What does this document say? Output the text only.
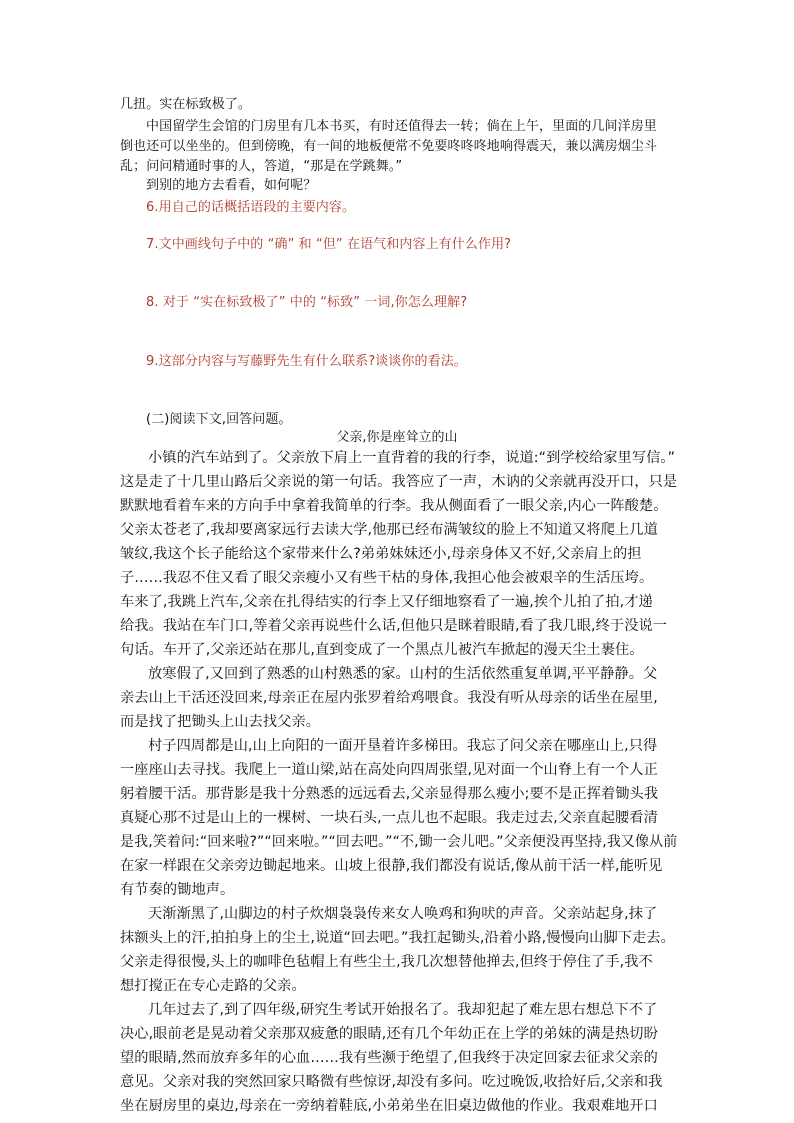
几扭。实在标致极了。
中国留学生会馆的门房里有几本书买，有时还值得去一转；倘在上午，里面的几间洋房里
倒也还可以坐坐的。但到傍晚，有一间的地板便常不免要咚咚咚地响得震天，兼以满房烟尘斗
乱；问问精通时事的人，答道，“那是在学跳舞。”
到别的地方去看看，如何呢？
6.用自己的话概括语段的主要内容。
7.文中画线句子中的 “确” 和 “但” 在语气和内容上有什么作用?
8. 对于 “实在标致极了” 中的 “标致” 一词,你怎么理解?
9.这部分内容与写藤野先生有什么联系?谈谈你的看法。
(二)阅读下文,回答问题。
父亲,你是座耸立的山
小镇的汽车站到了。父亲放下肩上一直背着的我的行李，说道:“到学校给家里写信。”
这是走了十几里山路后父亲说的第一句话。我答应了一声，木讷的父亲就再没开口，只是
默默地看着车来的方向手中拿着我简单的行李。我从侧面看了一眼父亲,内心一阵酸楚。
父亲太苍老了,我却要离家远行去读大学,他那已经布满皱纹的脸上不知道又将爬上几道
皱纹,我这个长子能给这个家带来什么?弟弟妹妹还小,母亲身体又不好,父亲肩上的担
子……我忍不住又看了眼父亲瘦小又有些干枯的身体,我担心他会被艰辛的生活压垮。
车来了,我跳上汽车,父亲在扎得结实的行李上又仔细地察看了一遍,挨个儿拍了拍,才递
给我。我站在车门口,等着父亲再说些什么话,但他只是眯着眼睛,看了我几眼,终于没说一
句话。车开了,父亲还站在那儿,直到变成了一个黑点儿被汽车掀起的漫天尘土裹住。
放寒假了,又回到了熟悉的山村熟悉的家。山村的生活依然重复单调,平平静静。父
亲去山上干活还没回来,母亲正在屋内张罗着给鸡喂食。我没有听从母亲的话坐在屋里,
而是找了把锄头上山去找父亲。
村子四周都是山,山上向阳的一面开垦着许多梯田。我忘了问父亲在哪座山上,只得
一座座山去寻找。我爬上一道山梁,站在高处向四周张望,见对面一个山脊上有一个人正
躬着腰干活。那背影是我十分熟悉的远远看去,父亲显得那么瘦小;要不是正挥着锄头我
真疑心那不过是山上的一棵树、一块石头,一点儿也不起眼。我走过去,父亲直起腰看清
是我,笑着问:“回来啦?”“回来啦。”“回去吧。”“不,锄一会儿吧。”父亲便没再坚持,我又像从前
在家一样跟在父亲旁边锄起地来。山坡上很静,我们都没有说话,像从前干活一样,能听见
有节奏的锄地声。
天渐渐黑了,山脚边的村子炊烟袅袅传来女人唤鸡和狗吠的声音。父亲站起身,抹了
抹额头上的汗,拍拍身上的尘土,说道“回去吧。”我扛起锄头,沿着小路,慢慢向山脚下走去。
父亲走得很慢,头上的咖啡色毡帽上有些尘土,我几次想替他掸去,但终于停住了手,我不
想打搅正在专心走路的父亲。
几年过去了,到了四年级,研究生考试开始报名了。我却犯起了难左思右想总下不了
决心,眼前老是晃动着父亲那双疲惫的眼睛,还有几个年幼正在上学的弟妹的满是热切盼
望的眼睛,然而放弃多年的心血……我有些濒于绝望了,但我终于决定回家去征求父亲的
意见。父亲对我的突然回家只略微有些惊讶,却没有多问。吃过晚饭,收拾好后,父亲和我
坐在厨房里的桌边,母亲在一旁纳着鞋底,小弟弟坐在旧桌边做他的作业。我艰难地开口
